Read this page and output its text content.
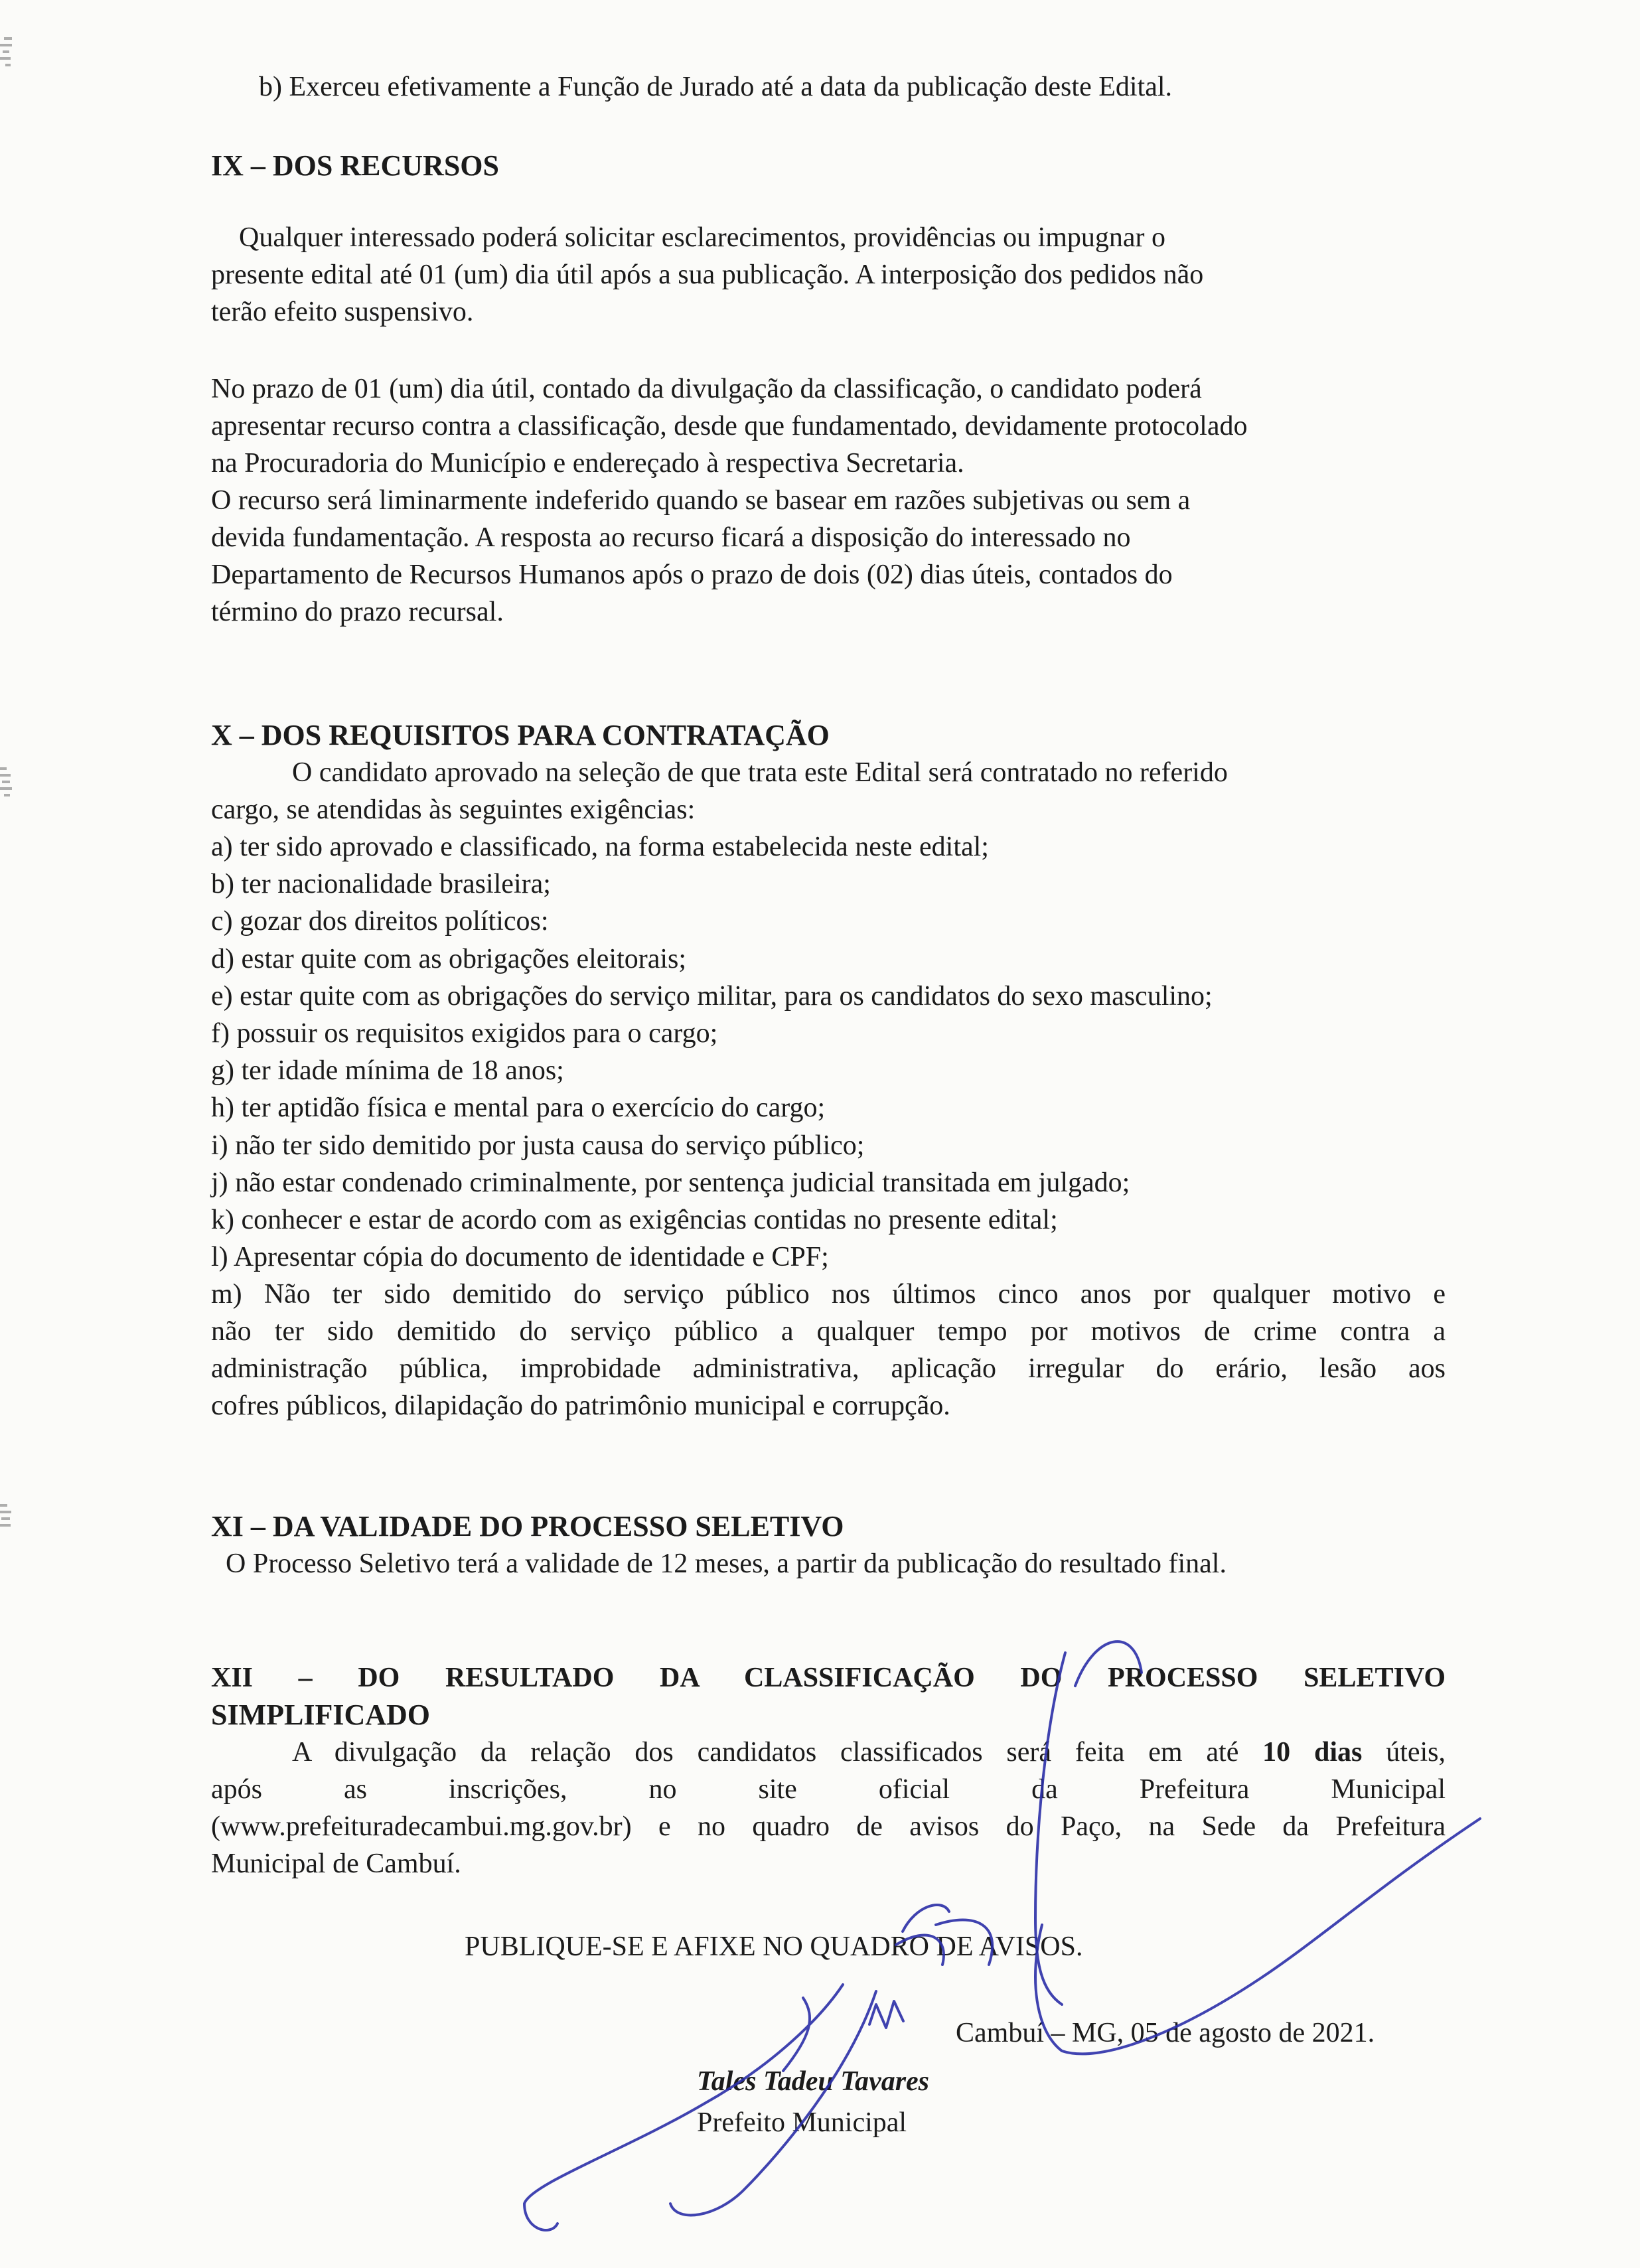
b) Exerceu efetivamente a Função de Jurado até a data da publicação deste Edital.
IX – DOS RECURSOS
Qualquer interessado poderá solicitar esclarecimentos, providências ou impugnar o
presente edital até 01 (um) dia útil após a sua publicação. A interposição dos pedidos não
terão efeito suspensivo.
No prazo de 01 (um) dia útil, contado da divulgação da classificação, o candidato poderá
apresentar recurso contra a classificação, desde que fundamentado, devidamente protocolado
na Procuradoria do Município e endereçado à respectiva Secretaria.
O recurso será liminarmente indeferido quando se basear em razões subjetivas ou sem a
devida fundamentação. A resposta ao recurso ficará a disposição do interessado no
Departamento de Recursos Humanos após o prazo de dois (02) dias úteis, contados do
término do prazo recursal.
X – DOS REQUISITOS PARA CONTRATAÇÃO
O candidato aprovado na seleção de que trata este Edital será contratado no referido
cargo, se atendidas às seguintes exigências:
a) ter sido aprovado e classificado, na forma estabelecida neste edital;
b) ter nacionalidade brasileira;
c) gozar dos direitos políticos:
d) estar quite com as obrigações eleitorais;
e) estar quite com as obrigações do serviço militar, para os candidatos do sexo masculino;
f) possuir os requisitos exigidos para o cargo;
g) ter idade mínima de 18 anos;
h) ter aptidão física e mental para o exercício do cargo;
i) não ter sido demitido por justa causa do serviço público;
j) não estar condenado criminalmente, por sentença judicial transitada em julgado;
k) conhecer e estar de acordo com as exigências contidas no presente edital;
l) Apresentar cópia do documento de identidade e CPF;
m) Não ter sido demitido do serviço público nos últimos cinco anos por qualquer motivo e
não ter sido demitido do serviço público a qualquer tempo por motivos de crime contra a
administração pública, improbidade administrativa, aplicação irregular do erário, lesão aos
cofres públicos, dilapidação do patrimônio municipal e corrupção.
XI – DA VALIDADE DO PROCESSO SELETIVO
O Processo Seletivo terá a validade de 12 meses, a partir da publicação do resultado final.
XII – DO RESULTADO DA CLASSIFICAÇÃO DO PROCESSO SELETIVO
SIMPLIFICADO
A divulgação da relação dos candidatos classificados será feita em até 10 dias úteis,
após as inscrições, no site oficial da Prefeitura Municipal
(www.prefeituradecambui.mg.gov.br) e no quadro de avisos do Paço, na Sede da Prefeitura
Municipal de Cambuí.
PUBLIQUE-SE E AFIXE NO QUADRO DE AVISOS.
Cambuí – MG, 05 de agosto de 2021.
Tales Tadeu Tavares
Prefeito Municipal
